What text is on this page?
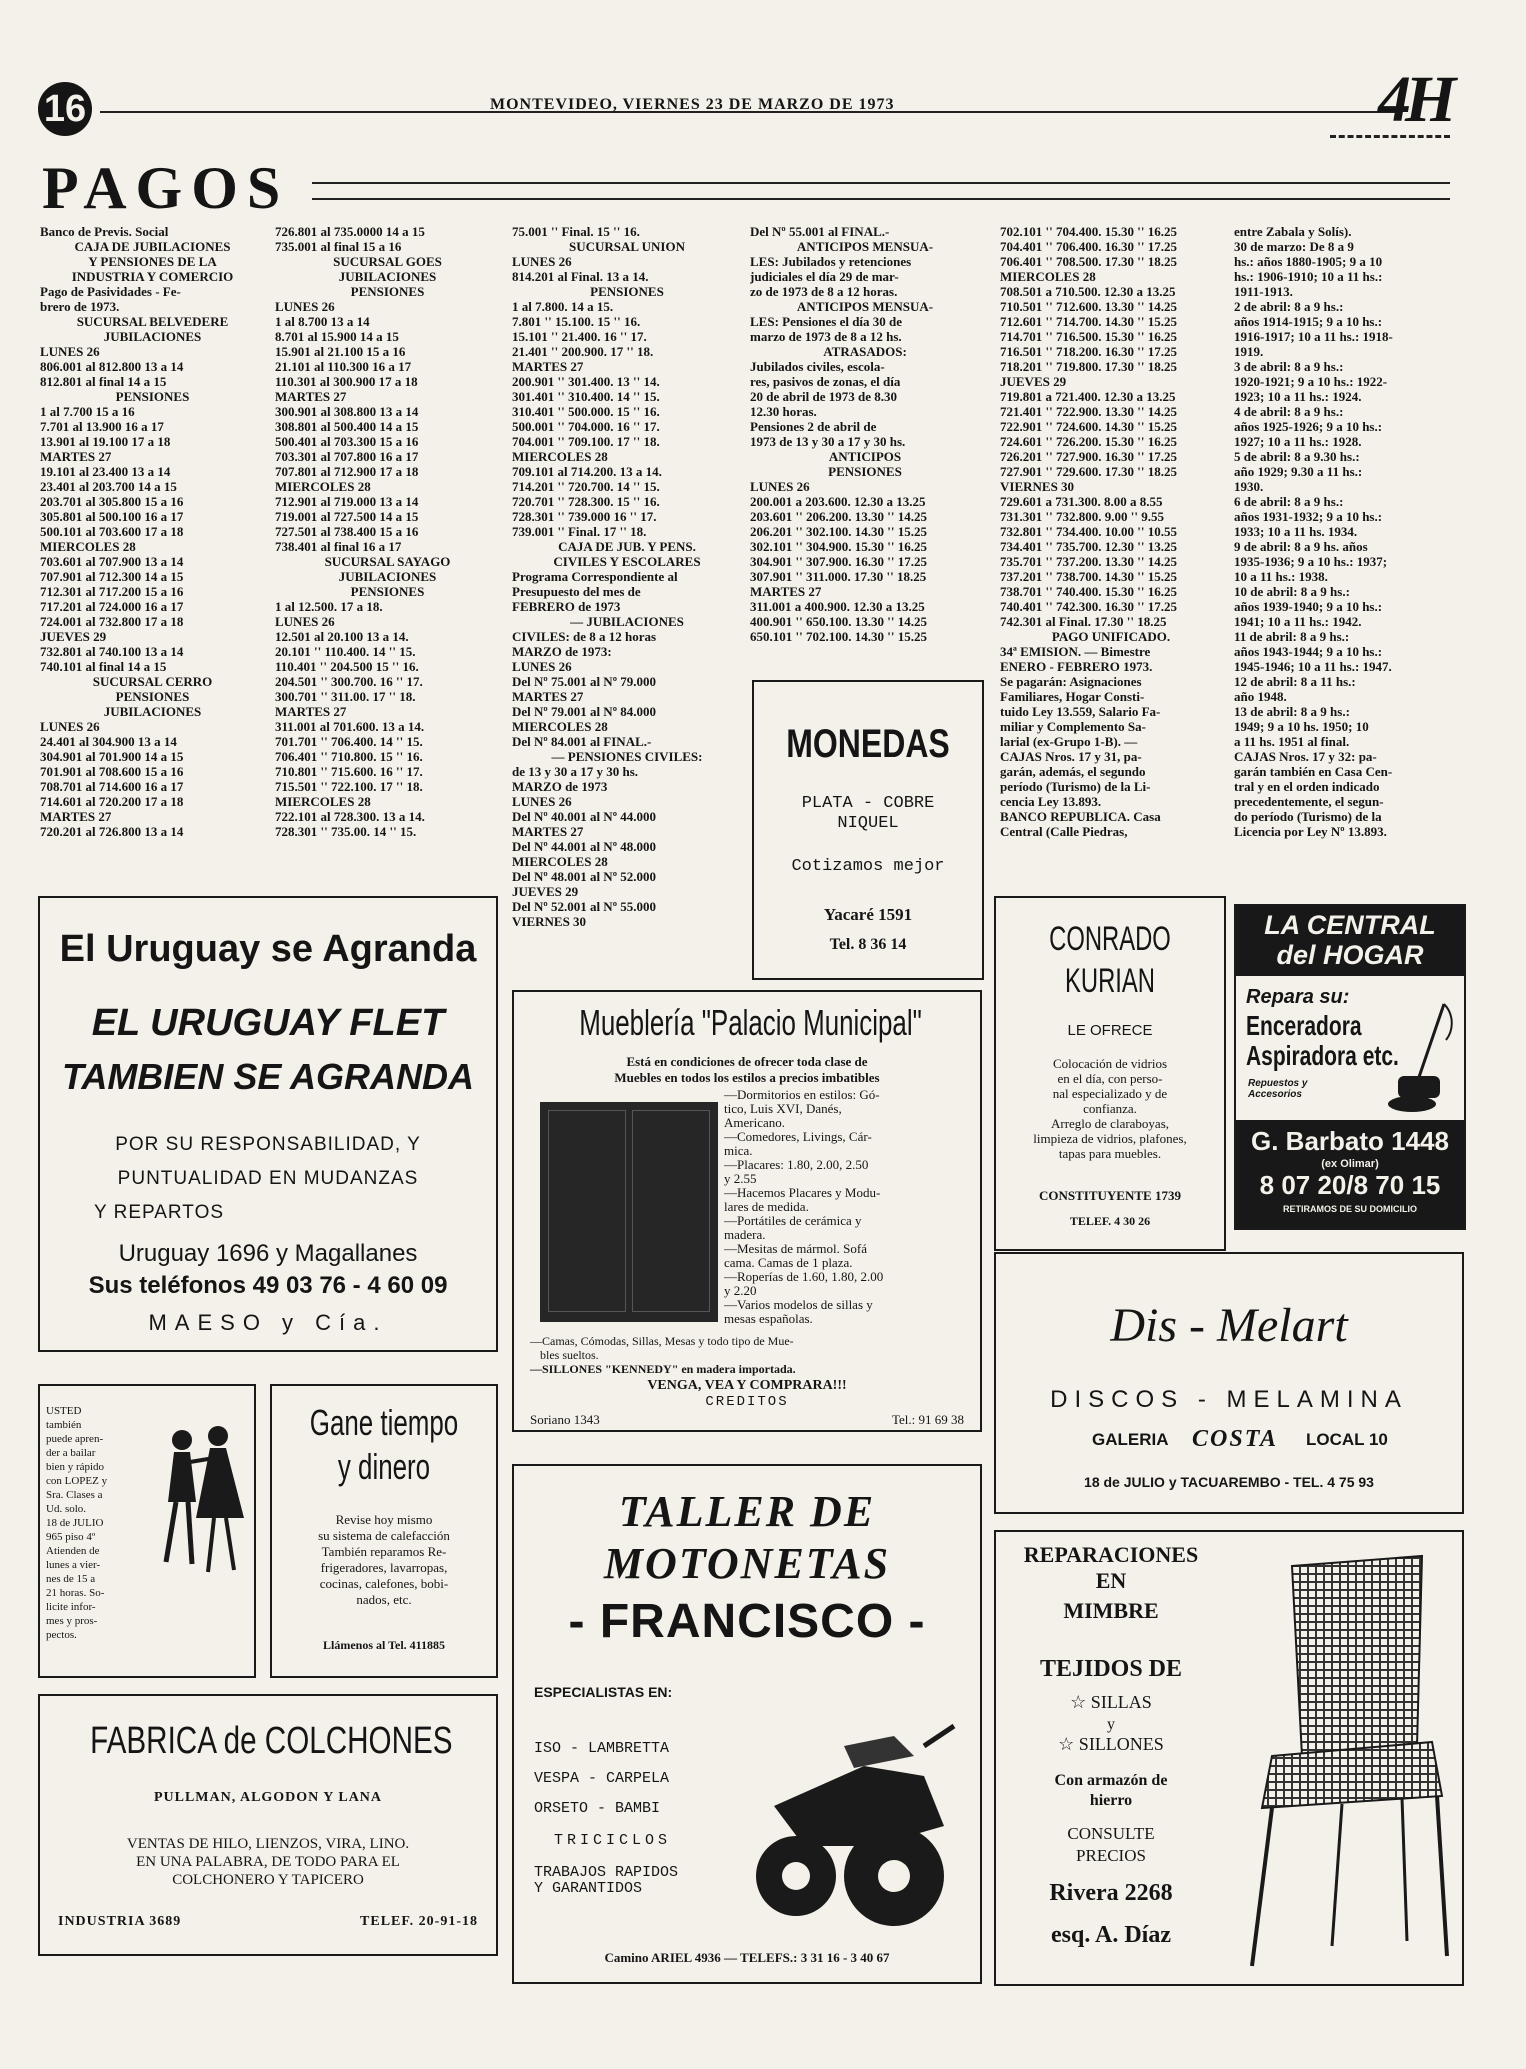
16	MONTEVIDEO, VIERNES 23 DE MARZO DE 1973	4H
PAGOS
Banco de Previs. Social
CAJA DE JUBILACIONES
Y PENSIONES DE LA
INDUSTRIA Y COMERCIO
Pago de Pasividades - Fe-
brero de 1973.
SUCURSAL BELVEDERE
JUBILACIONES
LUNES 26
806.001 al 812.800 13 a 14
812.801 al final 14 a 15
PENSIONES
1 al 7.700 15 a 16
7.701 al 13.900 16 a 17
13.901 al 19.100 17 a 18
MARTES 27
19.101 al 23.400 13 a 14
23.401 al 203.700 14 a 15
203.701 al 305.800 15 a 16
305.801 al 500.100 16 a 17
500.101 al 703.600 17 a 18
MIERCOLES 28
703.601 al 707.900 13 a 14
707.901 al 712.300 14 a 15
712.301 al 717.200 15 a 16
717.201 al 724.000 16 a 17
724.001 al 732.800 17 a 18
JUEVES 29
732.801 al 740.100 13 a 14
740.101 al final 14 a 15
SUCURSAL CERRO
PENSIONES
JUBILACIONES
LUNES 26
24.401 al 304.900 13 a 14
304.901 al 701.900 14 a 15
701.901 al 708.600 15 a 16
708.701 al 714.600 16 a 17
714.601 al 720.200 17 a 18
MARTES 27
720.201 al 726.800 13 a 14
726.801 al 735.0000 14 a 15
735.001 al final 15 a 16
SUCURSAL GOES
JUBILACIONES
PENSIONES
LUNES 26
1 al 8.700 13 a 14
8.701 al 15.900 14 a 15
15.901 al 21.100 15 a 16
21.101 al 110.300 16 a 17
110.301 al 300.900 17 a 18
MARTES 27
300.901 al 308.800 13 a 14
308.801 al 500.400 14 a 15
500.401 al 703.300 15 a 16
703.301 al 707.800 16 a 17
707.801 al 712.900 17 a 18
MIERCOLES 28
712.901 al 719.000 13 a 14
719.001 al 727.500 14 a 15
727.501 al 738.400 15 a 16
738.401 al final 16 a 17
SUCURSAL SAYAGO
JUBILACIONES
PENSIONES
1 al 12.500. 17 a 18.
LUNES 26
12.501 al 20.100 13 a 14.
20.101 '' 110.400. 14 '' 15.
110.401 '' 204.500 15 '' 16.
204.501 '' 300.700. 16 '' 17.
300.701 '' 311.00. 17 '' 18.
MARTES 27
311.001 al 701.600. 13 a 14.
701.701 '' 706.400. 14 '' 15.
706.401 '' 710.800. 15 '' 16.
710.801 '' 715.600. 16 '' 17.
715.501 '' 722.100. 17 '' 18.
MIERCOLES 28
722.101 al 728.300. 13 a 14.
728.301 '' 735.00. 14 '' 15.
75.001 '' Final. 15 '' 16.
SUCURSAL UNION
LUNES 26
814.201 al Final. 13 a 14.
PENSIONES
1 al 7.800. 14 a 15.
7.801 '' 15.100. 15 '' 16.
15.101 '' 21.400. 16 '' 17.
21.401 '' 200.900. 17 '' 18.
MARTES 27
200.901 '' 301.400. 13 '' 14.
301.401 '' 310.400. 14 '' 15.
310.401 '' 500.000. 15 '' 16.
500.001 '' 704.000. 16 '' 17.
704.001 '' 709.100. 17 '' 18.
MIERCOLES 28
709.101 al 714.200. 13 a 14.
714.201 '' 720.700. 14 '' 15.
720.701 '' 728.300. 15 '' 16.
728.301 '' 739.000 16 '' 17.
739.001 '' Final. 17 '' 18.
CAJA DE JUB. Y PENS.
CIVILES Y ESCOLARES
Programa Correspondiente al
Presupuesto del mes de
FEBRERO de 1973
— JUBILACIONES
CIVILES: de 8 a 12 horas
MARZO de 1973:
LUNES 26
Del Nº 75.001 al Nº 79.000
MARTES 27
Del Nº 79.001 al Nº 84.000
MIERCOLES 28
Del Nº 84.001 al FINAL.-
— PENSIONES CIVILES:
de 13 y 30 a 17 y 30 hs.
MARZO de 1973
LUNES 26
Del Nº 40.001 al Nº 44.000
MARTES 27
Del Nº 44.001 al Nº 48.000
MIERCOLES 28
Del Nº 48.001 al Nº 52.000
JUEVES 29
Del Nº 52.001 al Nº 55.000
VIERNES 30
Del Nº 55.001 al FINAL.-
ANTICIPOS MENSUA-
LES: Jubilados y retenciones
judiciales el día 29 de mar-
zo de 1973 de 8 a 12 horas.
ANTICIPOS MENSUA-
LES: Pensiones el día 30 de
marzo de 1973 de 8 a 12 hs.
ATRASADOS:
Jubilados civiles, escola-
res, pasivos de zonas, el día
20 de abril de 1973 de 8.30
12.30 horas.
Pensiones 2 de abril de
1973 de 13 y 30 a 17 y 30 hs.
ANTICIPOS
PENSIONES
LUNES 26
200.001 a 203.600. 12.30 a 13.25
203.601 '' 206.200. 13.30 '' 14.25
206.201 '' 302.100. 14.30 '' 15.25
302.101 '' 304.900. 15.30 '' 16.25
304.901 '' 307.900. 16.30 '' 17.25
307.901 '' 311.000. 17.30 '' 18.25
MARTES 27
311.001 a 400.900. 12.30 a 13.25
400.901 '' 650.100. 13.30 '' 14.25
650.101 '' 702.100. 14.30 '' 15.25
702.101 '' 704.400. 15.30 '' 16.25
704.401 '' 706.400. 16.30 '' 17.25
706.401 '' 708.500. 17.30 '' 18.25
MIERCOLES 28
708.501 a 710.500. 12.30 a 13.25
710.501 '' 712.600. 13.30 '' 14.25
712.601 '' 714.700. 14.30 '' 15.25
714.701 '' 716.500. 15.30 '' 16.25
716.501 '' 718.200. 16.30 '' 17.25
718.201 '' 719.800. 17.30 '' 18.25
JUEVES 29
719.801 a 721.400. 12.30 a 13.25
721.401 '' 722.900. 13.30 '' 14.25
722.901 '' 724.600. 14.30 '' 15.25
724.601 '' 726.200. 15.30 '' 16.25
726.201 '' 727.900. 16.30 '' 17.25
727.901 '' 729.600. 17.30 '' 18.25
VIERNES 30
729.601 a 731.300. 8.00 a 8.55
731.301 '' 732.800. 9.00 '' 9.55
732.801 '' 734.400. 10.00 '' 10.55
734.401 '' 735.700. 12.30 '' 13.25
735.701 '' 737.200. 13.30 '' 14.25
737.201 '' 738.700. 14.30 '' 15.25
738.701 '' 740.400. 15.30 '' 16.25
740.401 '' 742.300. 16.30 '' 17.25
742.301 al Final. 17.30 '' 18.25
PAGO UNIFICADO.
34ª EMISION. — Bimestre
ENERO - FEBRERO 1973.
Se pagarán: Asignaciones
Familiares, Hogar Consti-
tuido Ley 13.559, Salario Fa-
miliar y Complemento Sa-
larial (ex-Grupo 1-B). —
CAJAS Nros. 17 y 31, pa-
garán, además, el segundo
período (Turismo) de la Li-
cencia Ley 13.893.
BANCO REPUBLICA. Casa
Central (Calle Piedras,
entre Zabala y Solís).
30 de marzo: De 8 a 9
hs.: años 1880-1905; 9 a 10
hs.: 1906-1910; 10 a 11 hs.:
1911-1913.
2 de abril: 8 a 9 hs.:
años 1914-1915; 9 a 10 hs.:
1916-1917; 10 a 11 hs.: 1918-
1919.
3 de abril: 8 a 9 hs.:
1920-1921; 9 a 10 hs.: 1922-
1923; 10 a 11 hs.: 1924.
4 de abril: 8 a 9 hs.:
años 1925-1926; 9 a 10 hs.:
1927; 10 a 11 hs.: 1928.
5 de abril: 8 a 9.30 hs.:
año 1929; 9.30 a 11 hs.:
1930.
6 de abril: 8 a 9 hs.:
años 1931-1932; 9 a 10 hs.:
1933; 10 a 11 hs. 1934.
9 de abril: 8 a 9 hs. años
1935-1936; 9 a 10 hs.: 1937;
10 a 11 hs.: 1938.
10 de abril: 8 a 9 hs.:
años 1939-1940; 9 a 10 hs.:
1941; 10 a 11 hs.: 1942.
11 de abril: 8 a 9 hs.:
años 1943-1944; 9 a 10 hs.:
1945-1946; 10 a 11 hs.: 1947.
12 de abril: 8 a 11 hs.:
año 1948.
13 de abril: 8 a 9 hs.:
1949; 9 a 10 hs. 1950; 10
a 11 hs. 1951 al final.
CAJAS Nros. 17 y 32: pa-
garán también en Casa Cen-
tral y en el orden indicado
precedentemente, el segun-
do período (Turismo) de la
Licencia por Ley Nº 13.893.
El Uruguay se Agranda
EL URUGUAY FLET
TAMBIEN SE AGRANDA
POR SU RESPONSABILIDAD, Y
PUNTUALIDAD EN MUDANZAS
Y REPARTOS
Uruguay 1696 y Magallanes
Sus teléfonos 49 03 76 - 4 60 09
MAESO y Cía.
MONEDAS
PLATA - COBRE
NIQUEL
Cotizamos mejor
Yacaré 1591
Tel. 8 36 14	CONRADO
KURIAN
LE OFRECE
Colocación de vidrios
en el día, con perso-
nal especializado y de
confianza.
Arreglo de claraboyas,
limpieza de vidrios, plafones,
tapas para muebles.
CONSTITUYENTE 1739
TELEF. 4 30 26
LA CENTRAL
del HOGAR
Repara su:
Enceradora
Aspiradora etc.
Repuestos y Accesorios
G. Barbato 1448
(ex Olimar)
8 07 20/8 70 15
RETIRAMOS DE SU DOMICILIO
Mueblería "Palacio Municipal"
Está en condiciones de ofrecer toda clase de
Muebles en todos los estilos a precios imbatibles
—Dormitorios en estilos: Gó-
tico, Luis XVI, Danés,
Americano.
—Comedores, Livings, Cár-
mica.
—Placares: 1.80, 2.00, 2.50
y 2.55
—Hacemos Placares y Modu-
lares de medida.
—Portátiles de cerámica y
madera.
—Mesitas de mármol. Sofá
cama. Camas de 1 plaza.
—Roperías de 1.60, 1.80, 2.00
y 2.20
—Varios modelos de sillas y
mesas españolas.
—Camas, Cómodas, Sillas, Mesas y todo tipo de Mue-
bles sueltos.
—SILLONES "KENNEDY" en madera importada.
VENGA, VEA Y COMPRARA!!!
CREDITOS
Soriano 1343	Tel.: 91 69 38
Dis - Melart
DISCOS - MELAMINA
GALERIA COSTA LOCAL 10
18 de JULIO y TACUAREMBO - TEL. 4 75 93
USTED
también
puede apren-
der a bailar
bien y rápido
con LOPEZ y
Sra. Clases a
Ud. solo.
18 de JULIO
965 piso 4º
Atienden de
lunes a vier-
nes de 15 a
21 horas. So-
licite infor-
mes y pros-
pectos.
Gane tiempo
y dinero
Revise hoy mismo
su sistema de calefacción
También reparamos Re-
frigeradores, lavarropas,
cocinas, calefones, bobi-
nados, etc.
Llámenos al Tel. 411885
TALLER DE
MOTONETAS
- FRANCISCO -
ESPECIALISTAS EN:
ISO - LAMBRETTA
VESPA - CARPELA
ORSETO - BAMBI
TRICICLOS
TRABAJOS RAPIDOS
Y GARANTIDOS
Camino ARIEL 4936 — TELEFS.: 3 31 16 - 3 40 67
REPARACIONES EN
MIMBRE
TEJIDOS DE
☆ SILLAS
y
☆ SILLONES
Con armazón de
hierro
CONSULTE
PRECIOS
Rivera 2268
esq. A. Díaz
FABRICA de COLCHONES
PULLMAN, ALGODON Y LANA
VENTAS DE HILO, LIENZOS, VIRA, LINO.
EN UNA PALABRA, DE TODO PARA EL
COLCHONERO Y TAPICERO
INDUSTRIA 3689	TELEF. 20-91-18
